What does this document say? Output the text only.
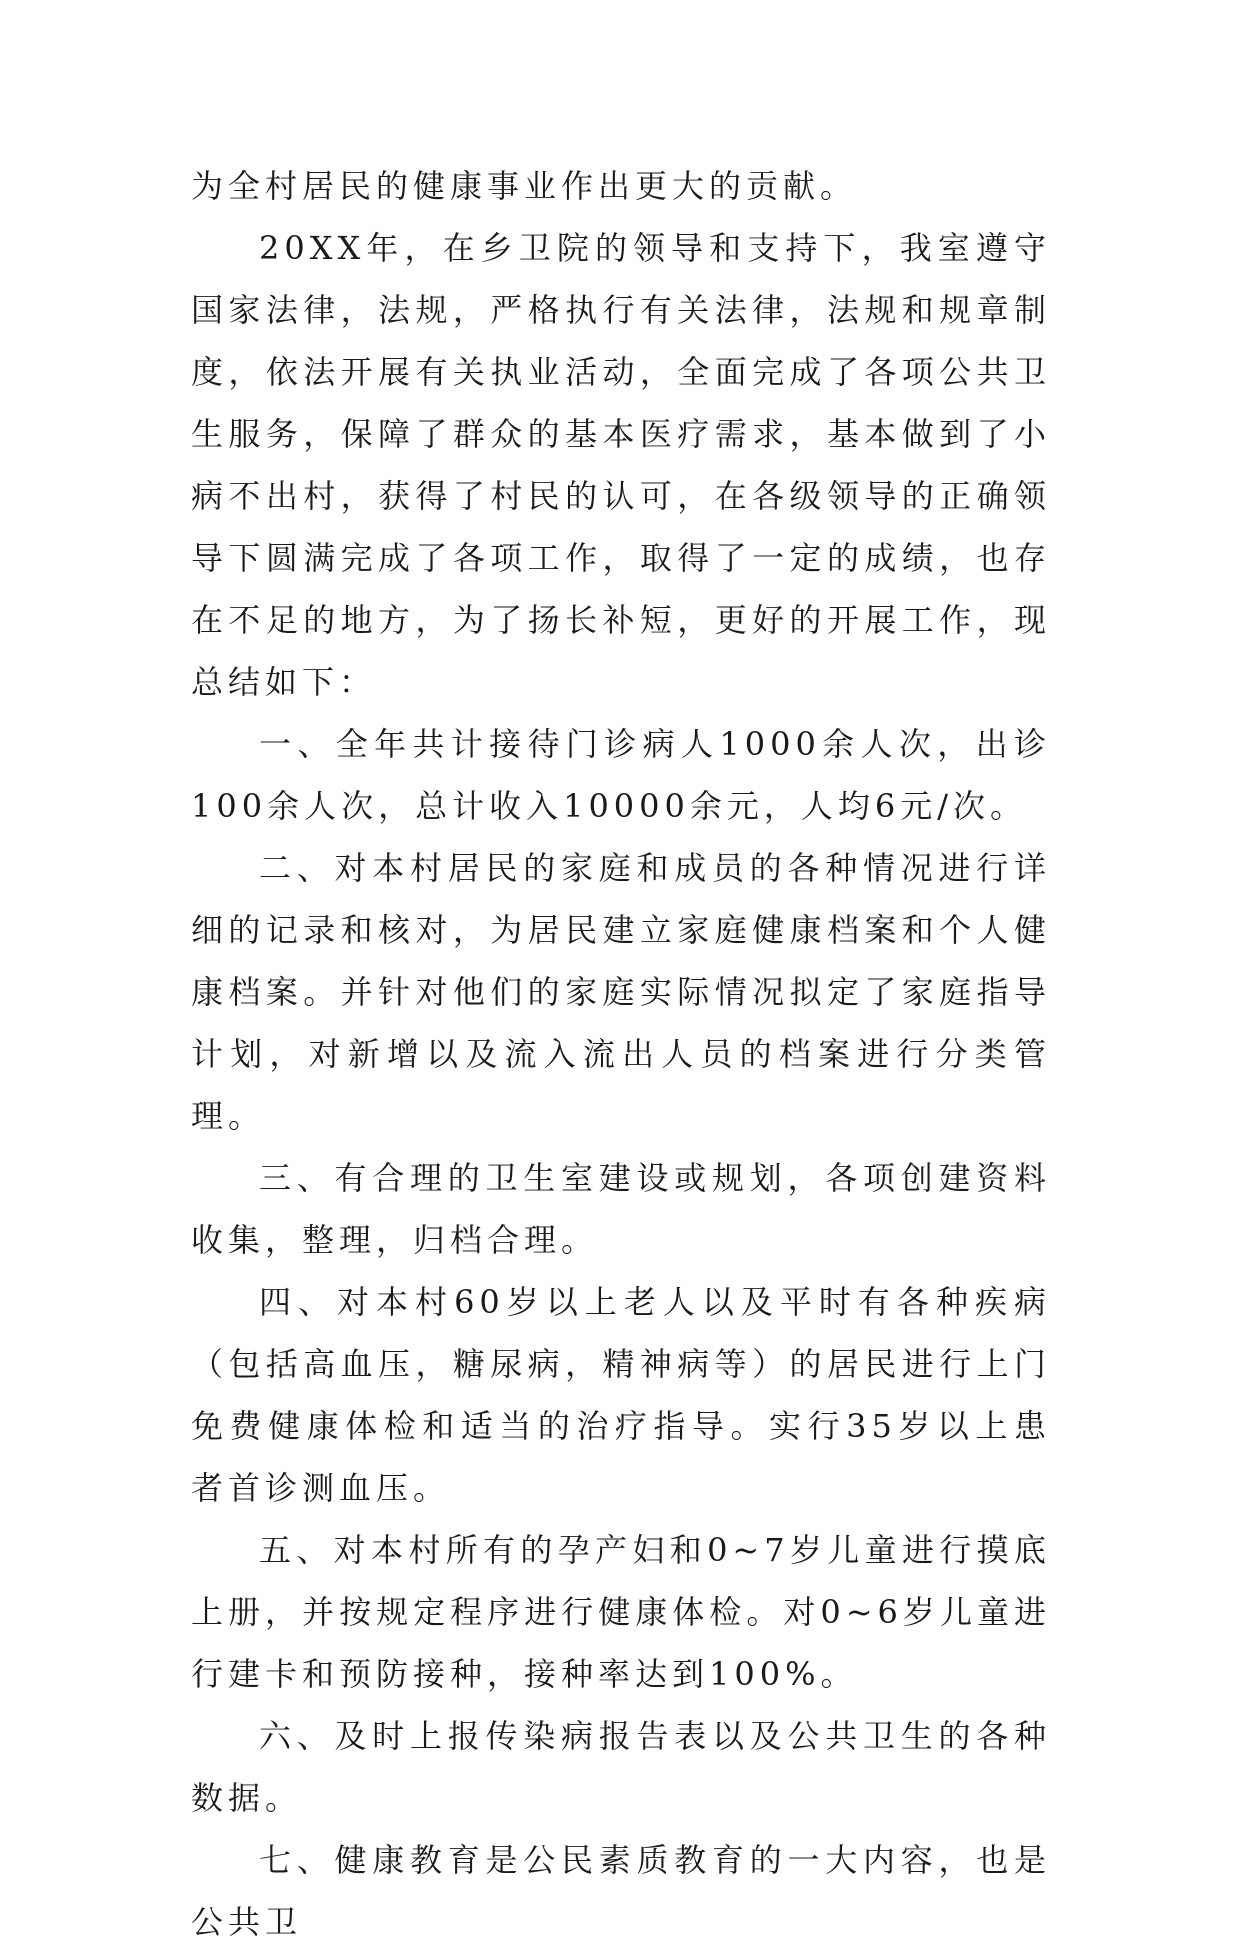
为全村居民的健康事业作出更大的贡献。

20XX年，在乡卫院的领导和支持下，我室遵守国家法律，法规，严格执行有关法律，法规和规章制度，依法开展有关执业活动，全面完成了各项公共卫生服务，保障了群众的基本医疗需求，基本做到了小病不出村，获得了村民的认可，在各级领导的正确领导下圆满完成了各项工作，取得了一定的成绩，也存在不足的地方，为了扬长补短，更好的开展工作，现总结如下：

一、全年共计接待门诊病人1000余人次，出诊100余人次，总计收入10000余元，人均6元/次。

二、对本村居民的家庭和成员的各种情况进行详细的记录和核对，为居民建立家庭健康档案和个人健康档案。并针对他们的家庭实际情况拟定了家庭指导计划，对新增以及流入流出人员的档案进行分类管理。

三、有合理的卫生室建设或规划，各项创建资料收集，整理，归档合理。

四、对本村60岁以上老人以及平时有各种疾病（包括高血压，糖尿病，精神病等）的居民进行上门免费健康体检和适当的治疗指导。实行35岁以上患者首诊测血压。

五、对本村所有的孕产妇和0~7岁儿童进行摸底上册，并按规定程序进行健康体检。对0~6岁儿童进行建卡和预防接种，接种率达到100%。

六、及时上报传染病报告表以及公共卫生的各种数据。

七、健康教育是公民素质教育的一大内容，也是公共卫
